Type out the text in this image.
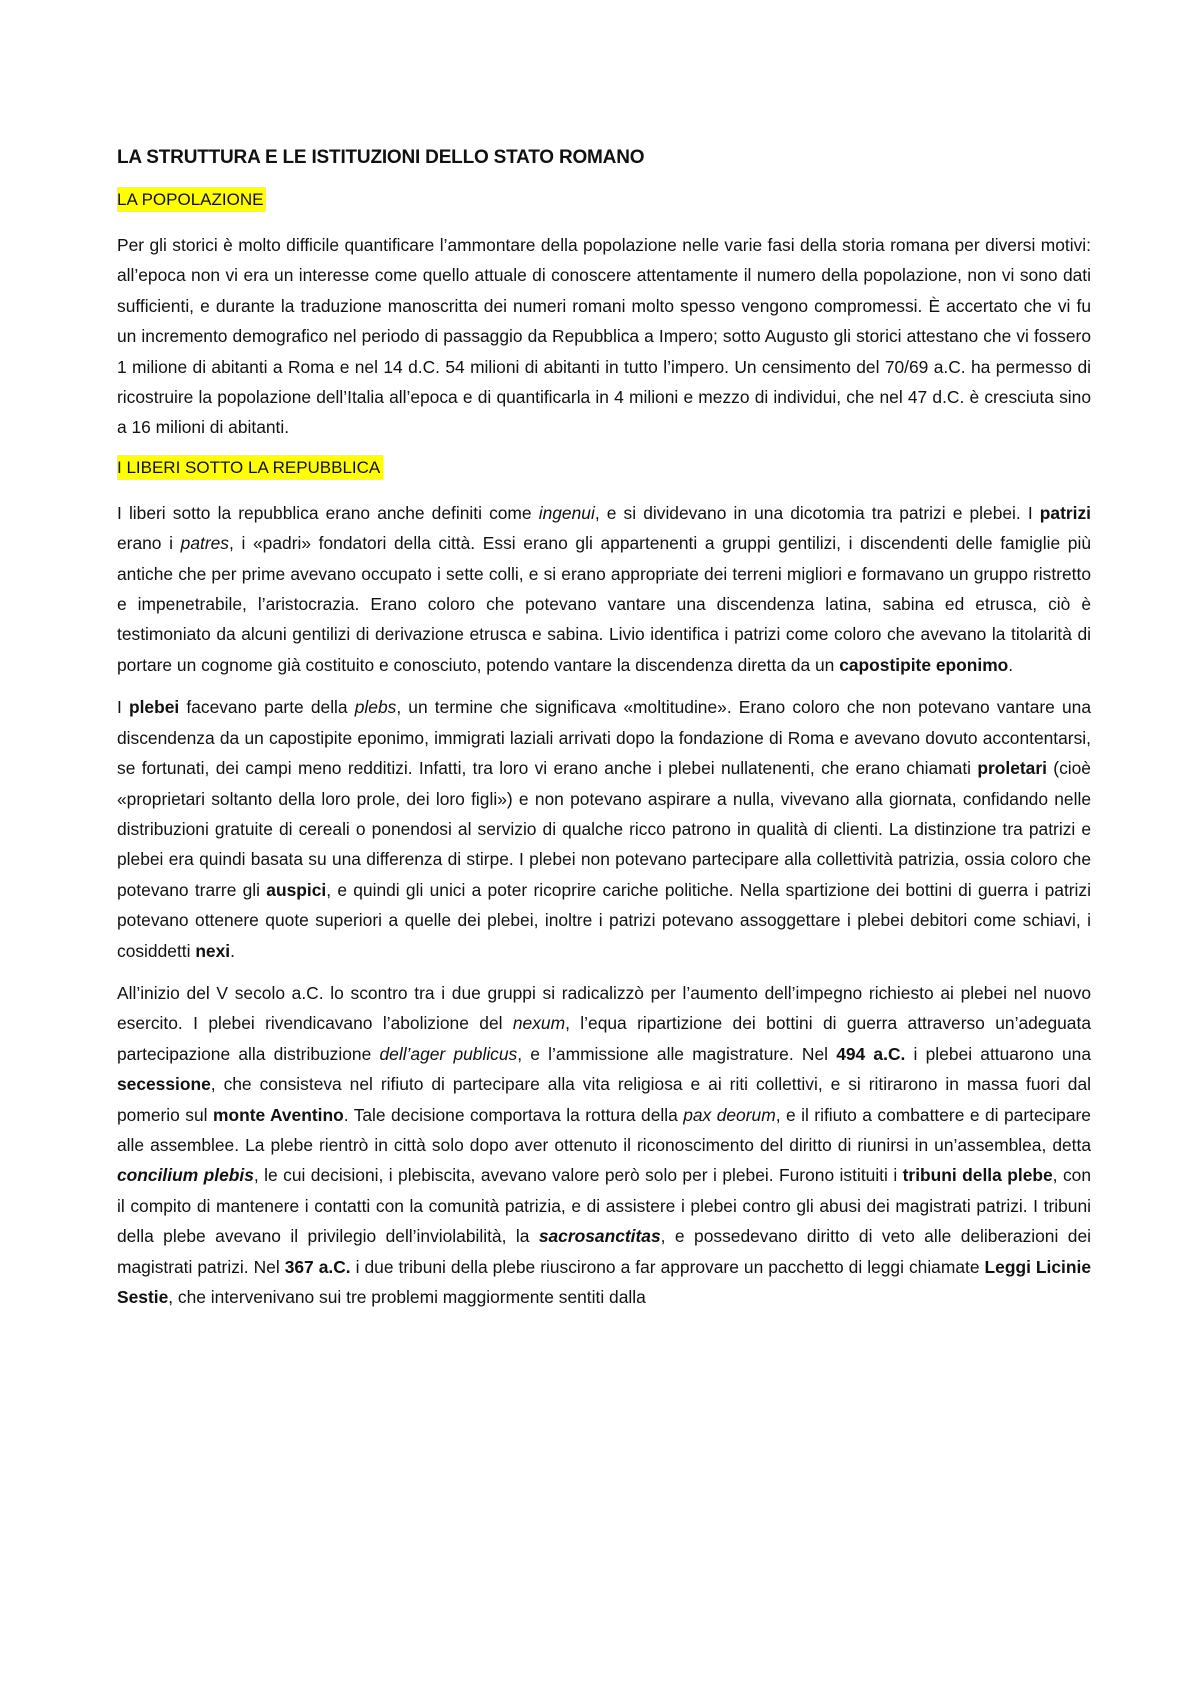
LA STRUTTURA E LE ISTITUZIONI DELLO STATO ROMANO
LA POPOLAZIONE

Per gli storici è molto difficile quantificare l’ammontare della popolazione nelle varie fasi della storia romana per diversi motivi: all’epoca non vi era un interesse come quello attuale di conoscere attentamente il numero della popolazione, non vi sono dati sufficienti, e durante la traduzione manoscritta dei numeri romani molto spesso vengono compromessi. È accertato che vi fu un incremento demografico nel periodo di passaggio da Repubblica a Impero; sotto Augusto gli storici attestano che vi fossero 1 milione di abitanti a Roma e nel 14 d.C. 54 milioni di abitanti in tutto l’impero. Un censimento del 70/69 a.C. ha permesso di ricostruire la popolazione dell’Italia all’epoca e di quantificarla in 4 milioni e mezzo di individui, che nel 47 d.C. è cresciuta sino a 16 milioni di abitanti.

I LIBERI SOTTO LA REPUBBLICA

I liberi sotto la repubblica erano anche definiti come ingenui, e si dividevano in una dicotomia tra patrizi e plebei. I patrizi erano i patres, i «padri» fondatori della città. Essi erano gli appartenenti a gruppi gentilizi, i discendenti delle famiglie più antiche che per prime avevano occupato i sette colli, e si erano appropriate dei terreni migliori e formavano un gruppo ristretto e impenetrabile, l’aristocrazia. Erano coloro che potevano vantare una discendenza latina, sabina ed etrusca, ciò è testimoniato da alcuni gentilizi di derivazione etrusca e sabina. Livio identifica i patrizi come coloro che avevano la titolarità di portare un cognome già costituito e conosciuto, potendo vantare la discendenza diretta da un capostipite eponimo.

I plebei facevano parte della plebs, un termine che significava «moltitudine». Erano coloro che non potevano vantare una discendenza da un capostipite eponimo, immigrati laziali arrivati dopo la fondazione di Roma e avevano dovuto accontentarsi, se fortunati, dei campi meno redditizi. Infatti, tra loro vi erano anche i plebei nullatenenti, che erano chiamati proletari (cioè «proprietari soltanto della loro prole, dei loro figli») e non potevano aspirare a nulla, vivevano alla giornata, confidando nelle distribuzioni gratuite di cereali o ponendosi al servizio di qualche ricco patrono in qualità di clienti. La distinzione tra patrizi e plebei era quindi basata su una differenza di stirpe. I plebei non potevano partecipare alla collettività patrizia, ossia coloro che potevano trarre gli auspici, e quindi gli unici a poter ricoprire cariche politiche. Nella spartizione dei bottini di guerra i patrizi potevano ottenere quote superiori a quelle dei plebei, inoltre i patrizi potevano assoggettare i plebei debitori come schiavi, i cosiddetti nexi.

All’inizio del V secolo a.C. lo scontro tra i due gruppi si radicalizzò per l’aumento dell’impegno richiesto ai plebei nel nuovo esercito. I plebei rivendicavano l’abolizione del nexum, l’equa ripartizione dei bottini di guerra attraverso un’adeguata partecipazione alla distribuzione dell’ager publicus, e l’ammissione alle magistrature. Nel 494 a.C. i plebei attuarono una secessione, che consisteva nel rifiuto di partecipare alla vita religiosa e ai riti collettivi, e si ritirarono in massa fuori dal pomerio sul monte Aventino. Tale decisione comportava la rottura della pax deorum, e il rifiuto a combattere e di partecipare alle assemblee. La plebe rientrò in città solo dopo aver ottenuto il riconoscimento del diritto di riunirsi in un’assemblea, detta concilium plebis, le cui decisioni, i plebiscita, avevano valore però solo per i plebei. Furono istituiti i tribuni della plebe, con il compito di mantenere i contatti con la comunità patrizia, e di assistere i plebei contro gli abusi dei magistrati patrizi. I tribuni della plebe avevano il privilegio dell’inviolabilità, la sacrosanctitas, e possedevano diritto di veto alle deliberazioni dei magistrati patrizi. Nel 367 a.C. i due tribuni della plebe riuscirono a far approvare un pacchetto di leggi chiamate Leggi Licinie Sestie, che intervenivano sui tre problemi maggiormente sentiti dalla
